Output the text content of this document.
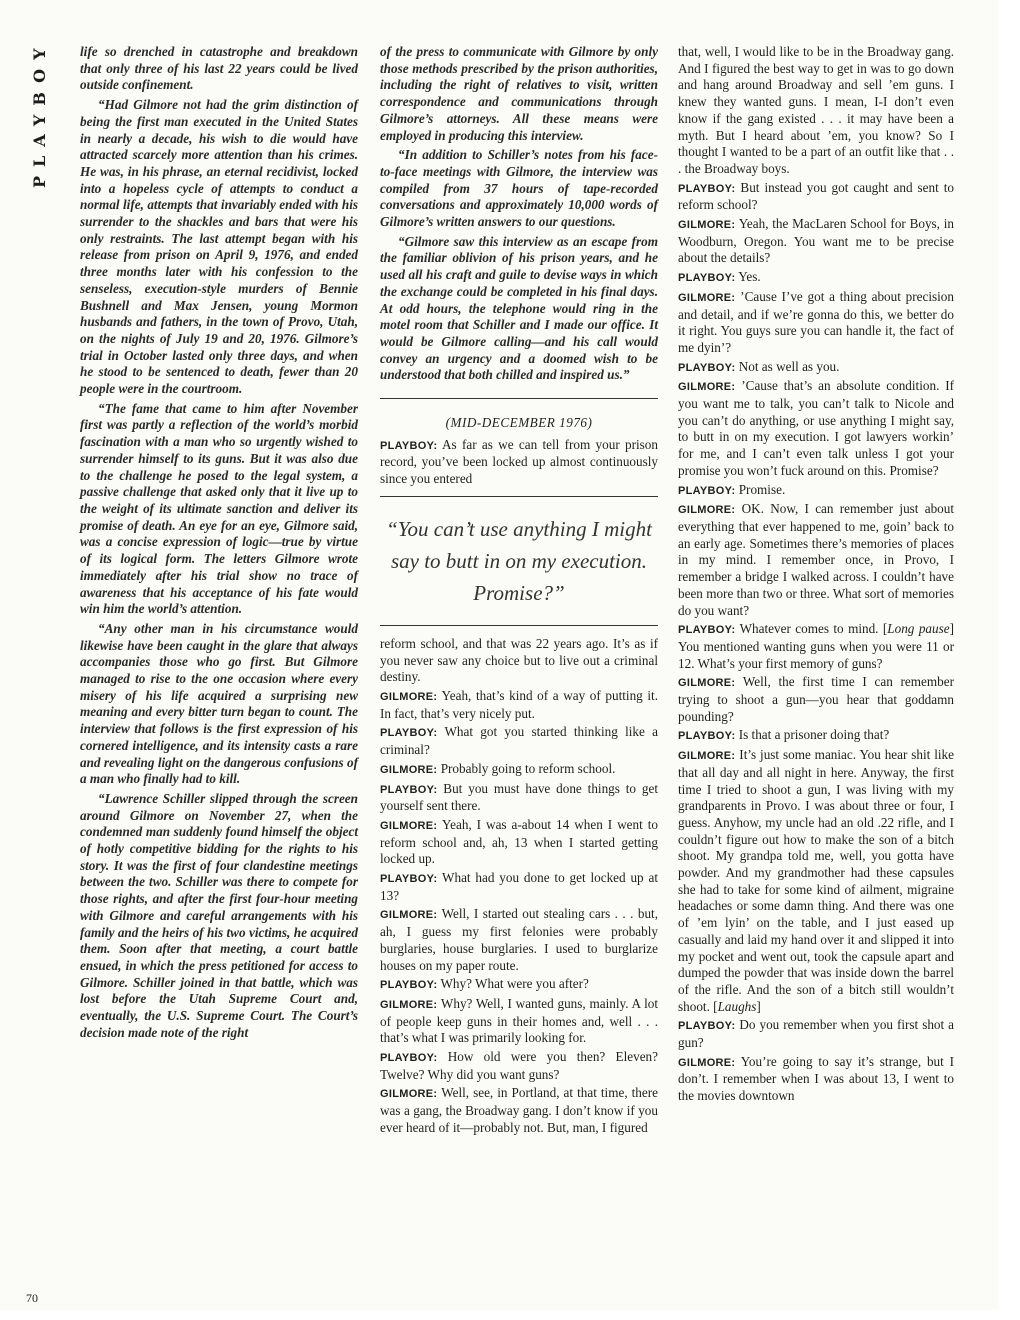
PLAYBOY life so drenched in catastrophe and breakdown that only three of his last 22 years could be lived outside confinement.

“Had Gilmore not had the grim distinction of being the first man executed in the United States in nearly a decade, his wish to die would have attracted scarcely more attention than his crimes. He was, in his phrase, an eternal recidivist, locked into a hopeless cycle of attempts to conduct a normal life, attempts that invariably ended with his surrender to the shackles and bars that were his only restraints. The last attempt began with his release from prison on April 9, 1976, and ended three months later with his confession to the senseless, execution-style murders of Bennie Bushnell and Max Jensen, young Mormon husbands and fathers, in the town of Provo, Utah, on the nights of July 19 and 20, 1976. Gilmore’s trial in October lasted only three days, and when he stood to be sentenced to death, fewer than 20 people were in the courtroom.

“The fame that came to him after November first was partly a reflection of the world’s morbid fascination with a man who so urgently wished to surrender himself to its guns. But it was also due to the challenge he posed to the legal system, a passive challenge that asked only that it live up to the weight of its ultimate sanction and deliver its promise of death. An eye for an eye, Gilmore said, was a concise expression of logic—true by virtue of its logical form. The letters Gilmore wrote immediately after his trial show no trace of awareness that his acceptance of his fate would win him the world’s attention.

“Any other man in his circumstance would likewise have been caught in the glare that always accompanies those who go first. But Gilmore managed to rise to the one occasion where every misery of his life acquired a surprising new meaning and every bitter turn began to count. The interview that follows is the first expression of his cornered intelligence, and its intensity casts a rare and revealing light on the dangerous confusions of a man who finally had to kill.

“Lawrence Schiller slipped through the screen around Gilmore on November 27, when the condemned man suddenly found himself the object of hotly competitive bidding for the rights to his story. It was the first of four clandestine meetings between the two. Schiller was there to compete for those rights, and after the first four-hour meeting with Gilmore and careful arrangements with his family and the heirs of his two victims, he acquired them. Soon after that meeting, a court battle ensued, in which the press petitioned for access to Gilmore. Schiller joined in that battle, which was lost before the Utah Supreme Court and, eventually, the U.S. Supreme Court. The Court’s decision made note of the right

of the press to communicate with Gilmore by only those methods prescribed by the prison authorities, including the right of relatives to visit, written correspondence and communications through Gilmore’s attorneys. All these means were employed in producing this interview.

“In addition to Schiller’s notes from his face-to-face meetings with Gilmore, the interview was compiled from 37 hours of tape-recorded conversations and approximately 10,000 words of Gilmore’s written answers to our questions.

“Gilmore saw this interview as an escape from the familiar oblivion of his prison years, and he used all his craft and guile to devise ways in which the exchange could be completed in his final days. At odd hours, the telephone would ring in the motel room that Schiller and I made our office. It would be Gilmore calling—and his call would convey an urgency and a doomed wish to be understood that both chilled and inspired us.”

(MID-DECEMBER 1976)

PLAYBOY: As far as we can tell from your prison record, you’ve been locked up almost continuously since you entered

“You can’t use anything I might say to butt in on my execution. Promise?”

reform school, and that was 22 years ago. It’s as if you never saw any choice but to live out a criminal destiny.

GILMORE: Yeah, that’s kind of a way of putting it. In fact, that’s very nicely put.

PLAYBOY: What got you started thinking like a criminal?

GILMORE: Probably going to reform school.

PLAYBOY: But you must have done things to get yourself sent there.

GILMORE: Yeah, I was a-about 14 when I went to reform school and, ah, 13 when I started getting locked up.

PLAYBOY: What had you done to get locked up at 13?

GILMORE: Well, I started out stealing cars . . . but, ah, I guess my first felonies were probably burglaries, house burglaries. I used to burglarize houses on my paper route.

PLAYBOY: Why? What were you after?

GILMORE: Why? Well, I wanted guns, mainly. A lot of people keep guns in their homes and, well . . . that’s what I was primarily looking for.

PLAYBOY: How old were you then? Eleven? Twelve? Why did you want guns?

GILMORE: Well, see, in Portland, at that time, there was a gang, the Broadway gang. I don’t know if you ever heard of it—probably not. But, man, I figured

that, well, I would like to be in the Broadway gang. And I figured the best way to get in was to go down and hang around Broadway and sell ’em guns. I knew they wanted guns. I mean, I-I don’t even know if the gang existed . . . it may have been a myth. But I heard about ’em, you know? So I thought I wanted to be a part of an outfit like that . . . the Broadway boys.

PLAYBOY: But instead you got caught and sent to reform school?

GILMORE: Yeah, the MacLaren School for Boys, in Woodburn, Oregon. You want me to be precise about the details?

PLAYBOY: Yes.

GILMORE: ’Cause I’ve got a thing about precision and detail, and if we’re gonna do this, we better do it right. You guys sure you can handle it, the fact of me dyin’?

PLAYBOY: Not as well as you.

GILMORE: ’Cause that’s an absolute condition. If you want me to talk, you can’t talk to Nicole and you can’t do anything, or use anything I might say, to butt in on my execution. I got lawyers workin’ for me, and I can’t even talk unless I got your promise you won’t fuck around on this. Promise?

PLAYBOY: Promise.

GILMORE: OK. Now, I can remember just about everything that ever happened to me, goin’ back to an early age. Sometimes there’s memories of places in my mind. I remember once, in Provo, I remember a bridge I walked across. I couldn’t have been more than two or three. What sort of memories do you want?

PLAYBOY: Whatever comes to mind. [Long pause] You mentioned wanting guns when you were 11 or 12. What’s your first memory of guns?

GILMORE: Well, the first time I can remember trying to shoot a gun—you hear that goddamn pounding?

PLAYBOY: Is that a prisoner doing that?

GILMORE: It’s just some maniac. You hear shit like that all day and all night in here. Anyway, the first time I tried to shoot a gun, I was living with my grandparents in Provo. I was about three or four, I guess. Anyhow, my uncle had an old .22 rifle, and I couldn’t figure out how to make the son of a bitch shoot. My grandpa told me, well, you gotta have powder. And my grandmother had these capsules she had to take for some kind of ailment, migraine headaches or some damn thing. And there was one of ’em lyin’ on the table, and I just eased up casually and laid my hand over it and slipped it into my pocket and went out, took the capsule apart and dumped the powder that was inside down the barrel of the rifle. And the son of a bitch still wouldn’t shoot. [Laughs]

PLAYBOY: Do you remember when you first shot a gun?

GILMORE: You’re going to say it’s strange, but I don’t. I remember when I was about 13, I went to the movies downtown

70
